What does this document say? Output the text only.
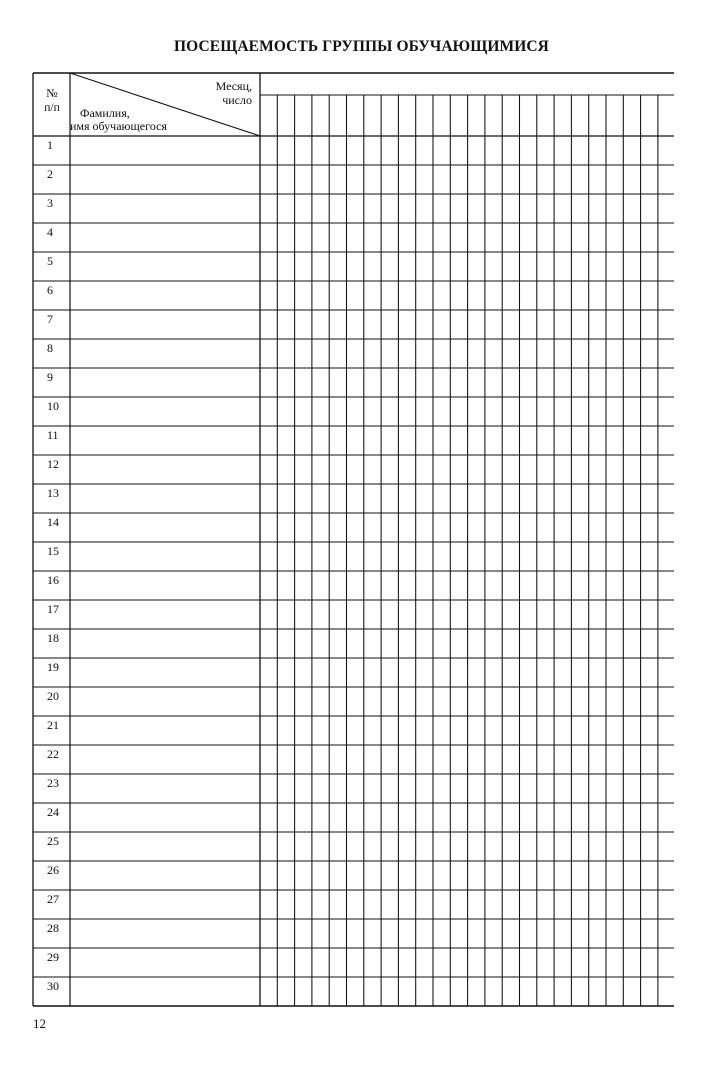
ПОСЕЩАЕМОСТЬ ГРУППЫ ОБУЧАЮЩИМИСЯ
№
п/п
Месяц,
число
Фамилия,
имя обучающегося
1
2
3
4
5
6
7
8
9
10
11
12
13
14
15
16
17
18
19
20
21
22
23
24
25
26
27
28
29
30
12
